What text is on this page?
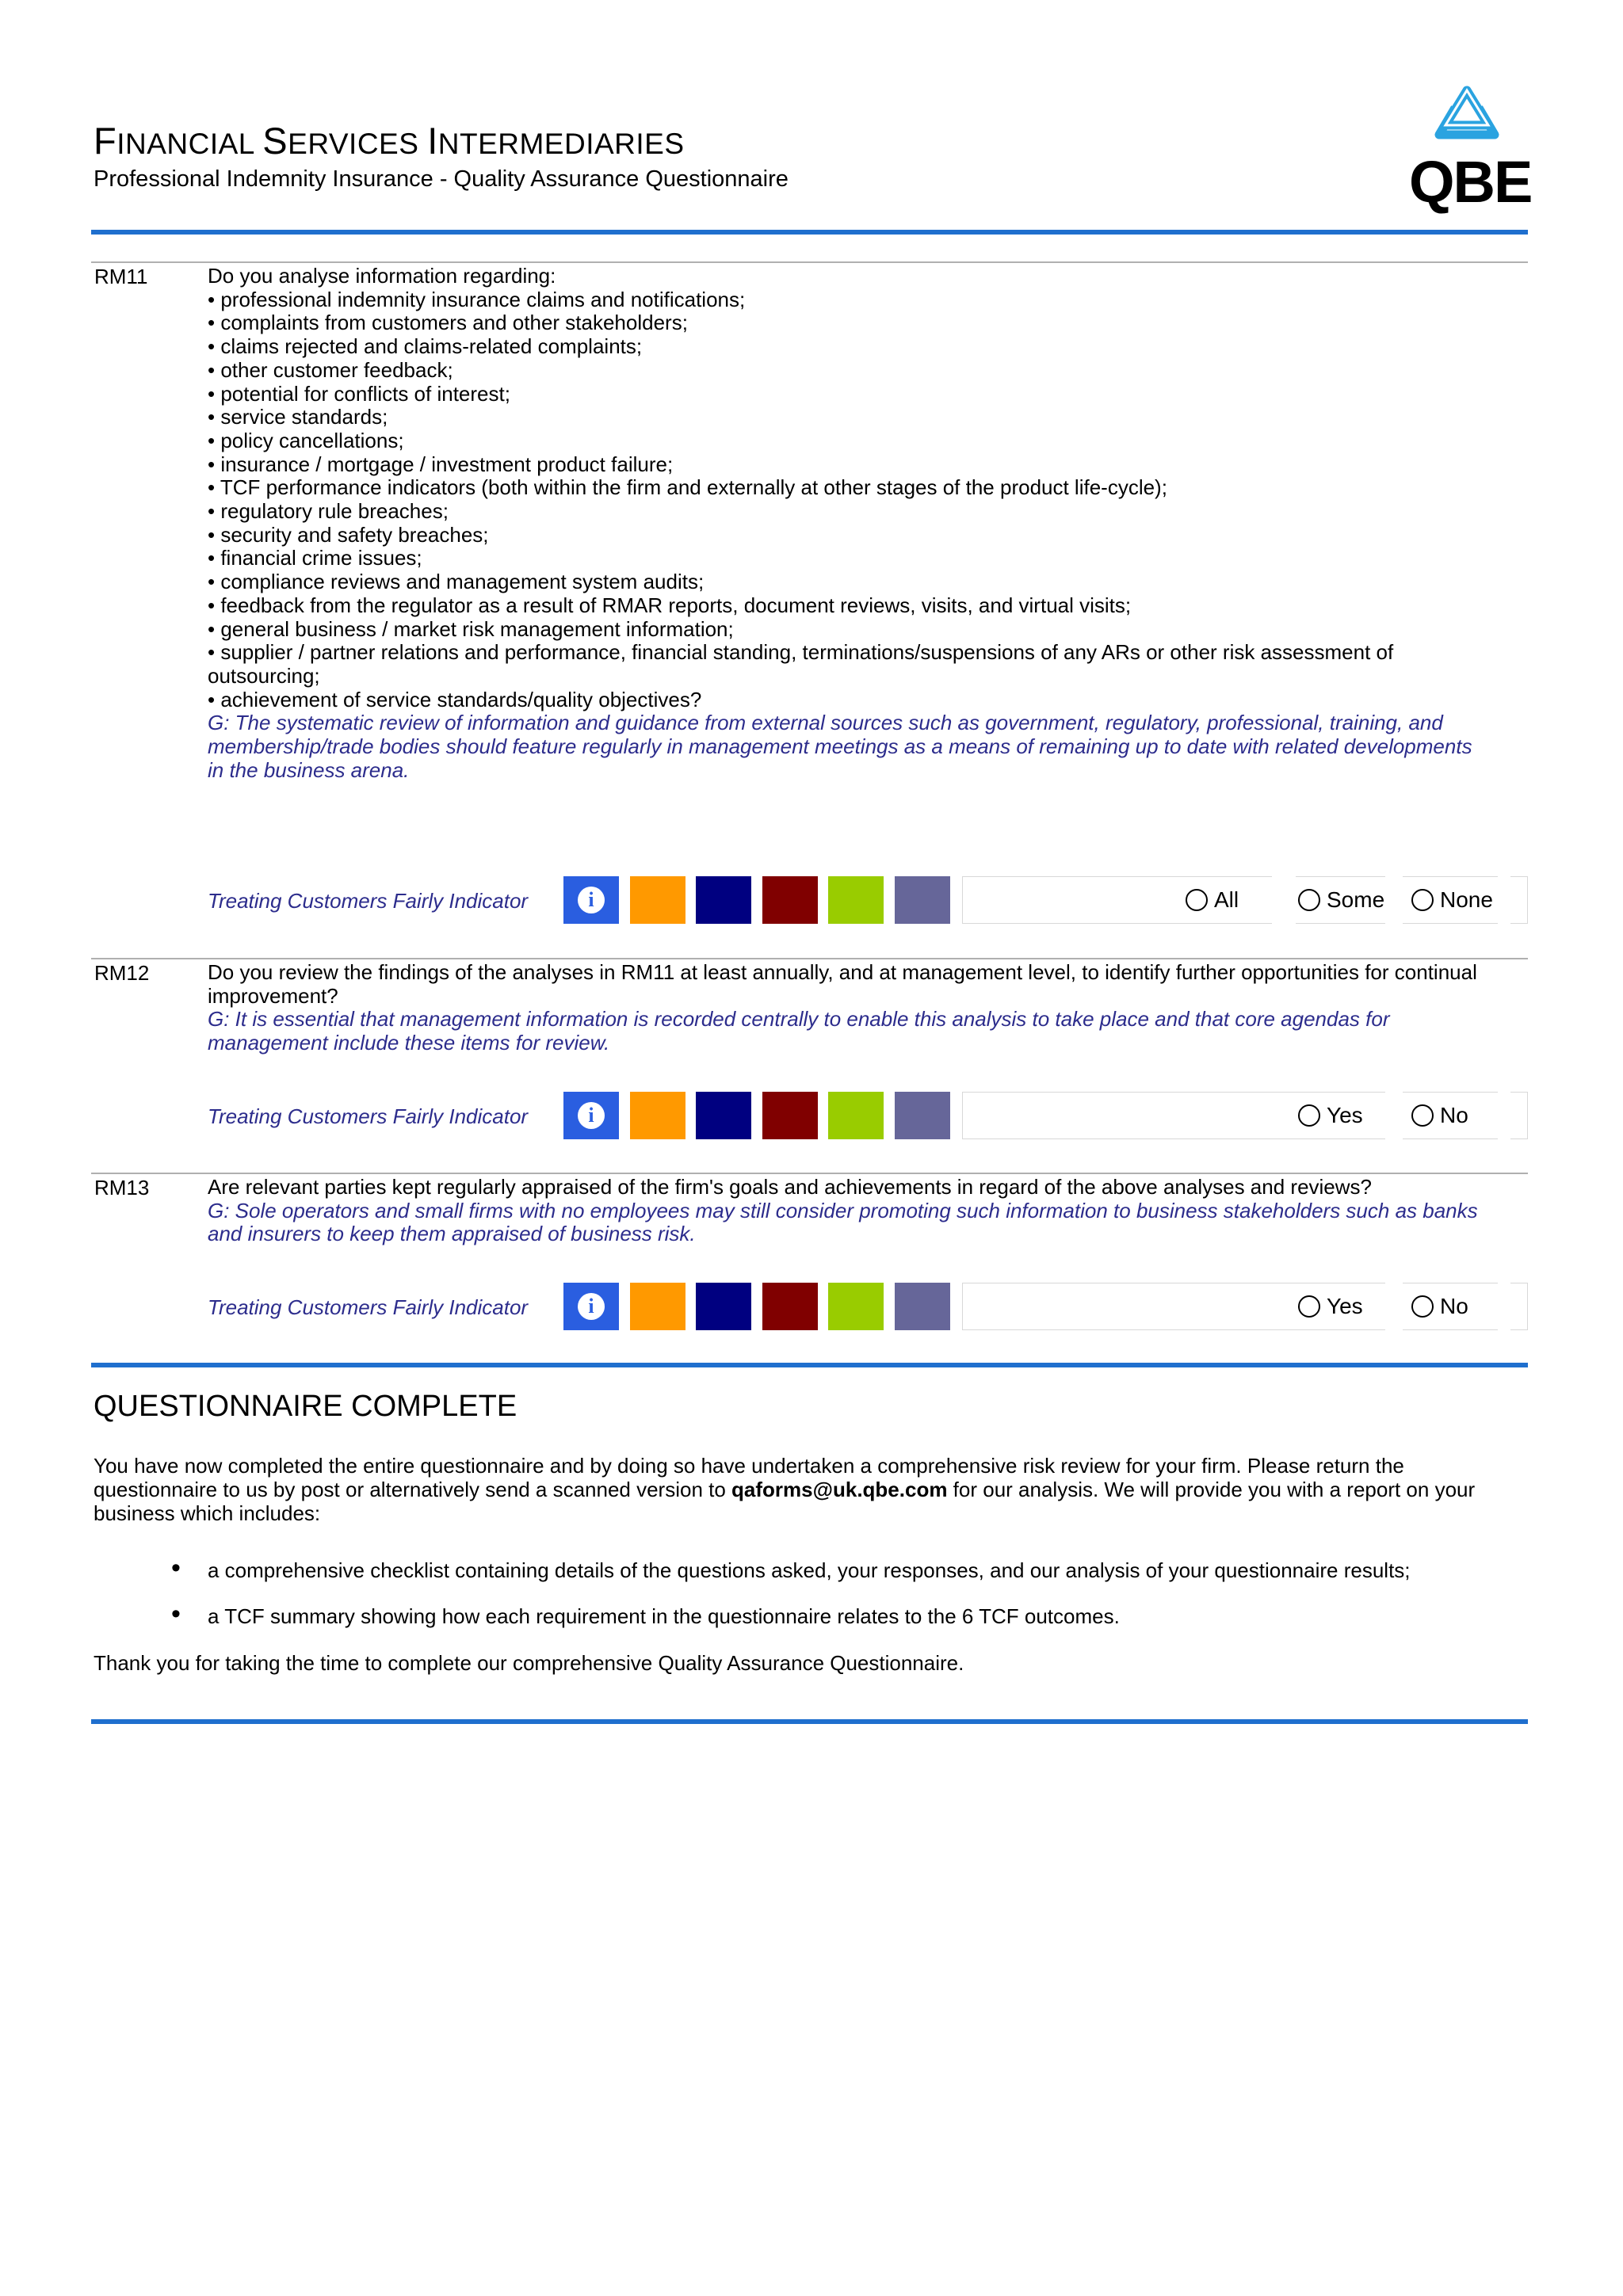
FINANCIAL SERVICES INTERMEDIARIES
Professional Indemnity Insurance - Quality Assurance Questionnaire	QBE
RM11	Do you analyse information regarding:
• professional indemnity insurance claims and notifications;
• complaints from customers and other stakeholders;
• claims rejected and claims-related complaints;
• other customer feedback;
• potential for conflicts of interest;
• service standards;
• policy cancellations;
• insurance / mortgage / investment product failure;
• TCF performance indicators (both within the firm and externally at other stages of the product life-cycle);
• regulatory rule breaches;
• security and safety breaches;
• financial crime issues;
• compliance reviews and management system audits;
• feedback from the regulator as a result of RMAR reports, document reviews, visits, and virtual visits;
• general business / market risk management information;
• supplier / partner relations and performance, financial standing, terminations/suspensions of any ARs or other risk assessment of
outsourcing;
• achievement of service standards/quality objectives?
G: The systematic review of information and guidance from external sources such as government, regulatory, professional, training, and
membership/trade bodies should feature regularly in management meetings as a means of remaining up to date with related developments
in the business arena.
Treating Customers Fairly Indicator	i	All	Some None
RM12	Do you review the findings of the analyses in RM11 at least annually, and at management level, to identify further opportunities for continual
improvement?
G: It is essential that management information is recorded centrally to enable this analysis to take place and that core agendas for
management include these items for review.
Treating Customers Fairly Indicator	i	Yes	No
RM13	Are relevant parties kept regularly appraised of the firm's goals and achievements in regard of the above analyses and reviews?
G: Sole operators and small firms with no employees may still consider promoting such information to business stakeholders such as banks
and insurers to keep them appraised of business risk.
Treating Customers Fairly Indicator	i	Yes	No
QUESTIONNAIRE COMPLETE
You have now completed the entire questionnaire and by doing so have undertaken a comprehensive risk review for your firm. Please return the questionnaire to us by post or alternatively send a scanned version to qaforms@uk.qbe.com for our analysis. We will provide you with a report on your business which includes:
• a comprehensive checklist containing details of the questions asked, your responses, and our analysis of your questionnaire results;
• a TCF summary showing how each requirement in the questionnaire relates to the 6 TCF outcomes.
Thank you for taking the time to complete our comprehensive Quality Assurance Questionnaire.
